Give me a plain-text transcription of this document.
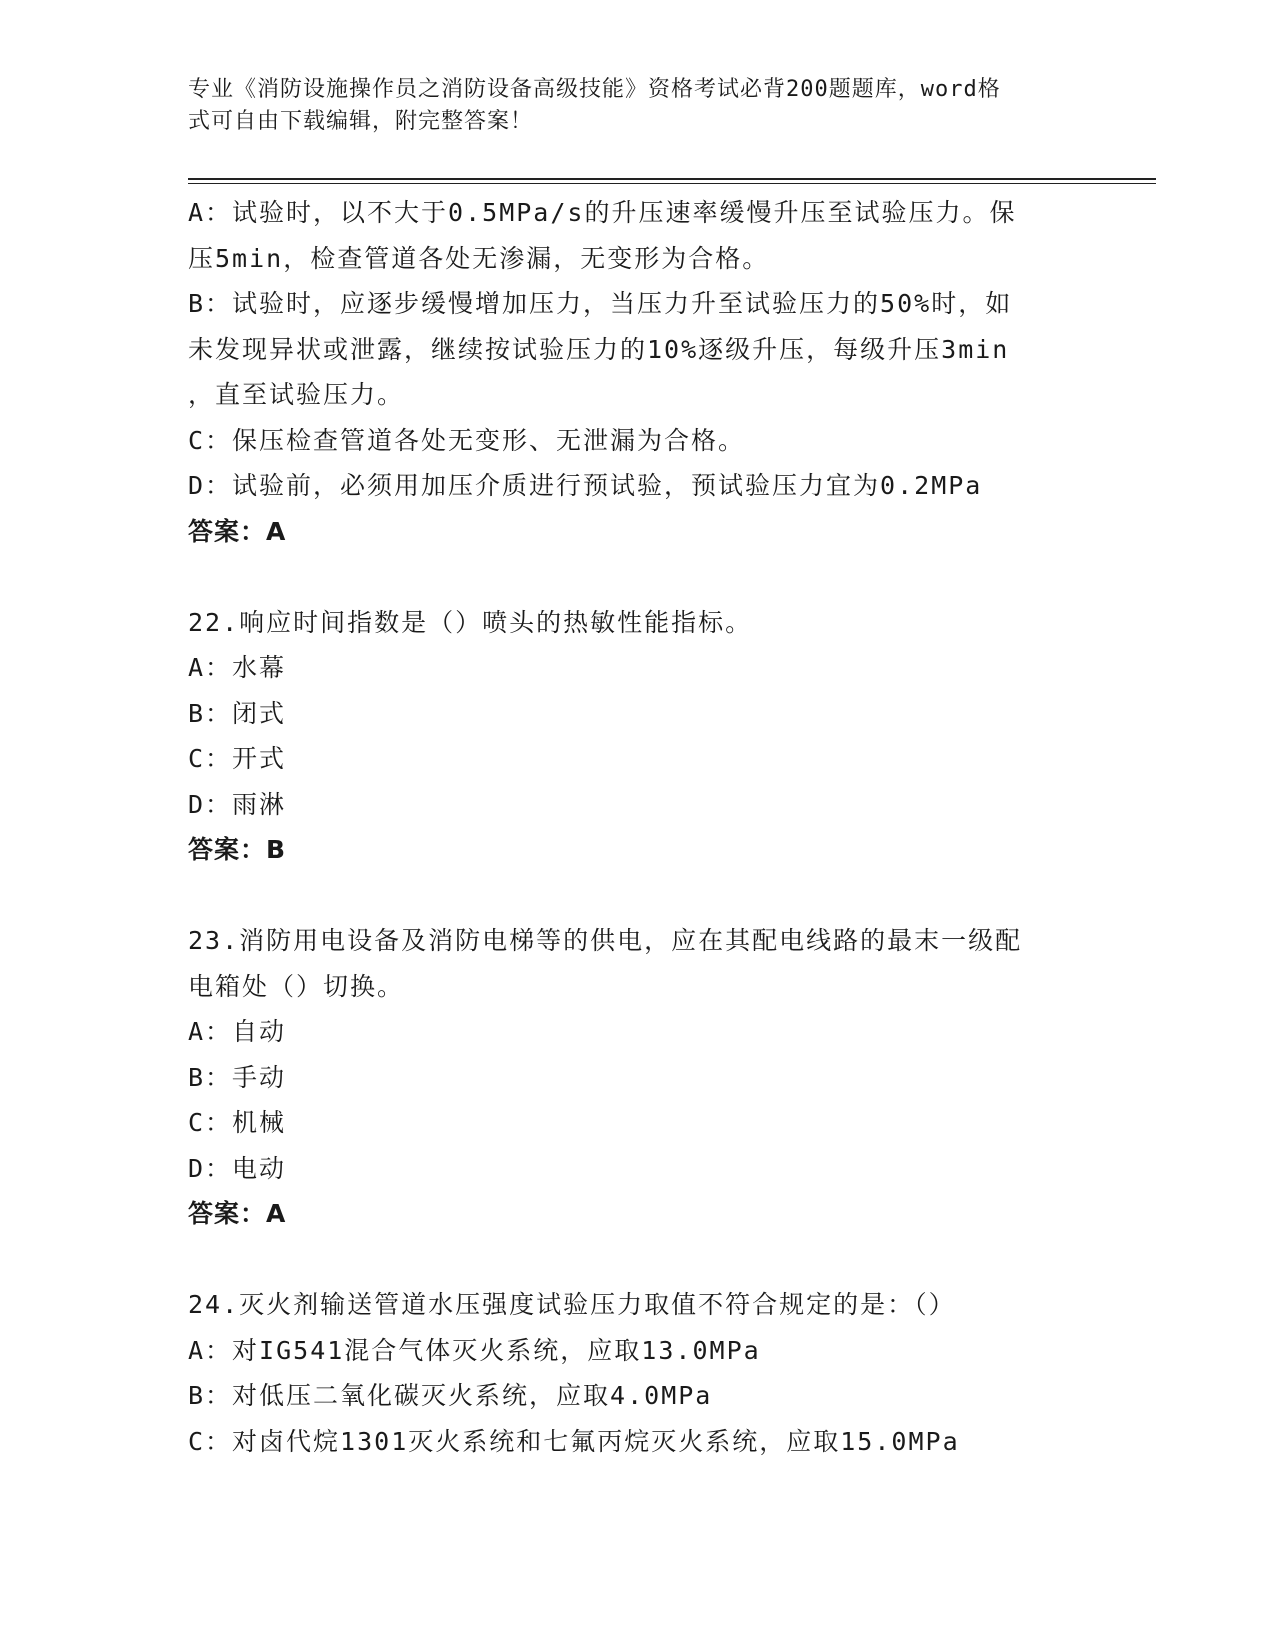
专业《消防设施操作员之消防设备高级技能》资格考试必背200题题库，word格
式可自由下载编辑，附完整答案！
A：试验时，以不大于0.5MPa/s的升压速率缓慢升压至试验压力。保
压5min，检查管道各处无渗漏，无变形为合格。
B：试验时，应逐步缓慢增加压力，当压力升至试验压力的50%时，如
未发现异状或泄露，继续按试验压力的10%逐级升压，每级升压3min
，直至试验压力。
C：保压检查管道各处无变形、无泄漏为合格。
D：试验前，必须用加压介质进行预试验，预试验压力宜为0.2MPa
答案：A
22.响应时间指数是（）喷头的热敏性能指标。
A：水幕
B：闭式
C：开式
D：雨淋
答案：B
23.消防用电设备及消防电梯等的供电，应在其配电线路的最末一级配
电箱处（）切换。
A：自动
B：手动
C：机械
D：电动
答案：A
24.灭火剂输送管道水压强度试验压力取值不符合规定的是：（）
A：对IG541混合气体灭火系统，应取13.0MPa
B：对低压二氧化碳灭火系统，应取4.0MPa
C：对卤代烷1301灭火系统和七氟丙烷灭火系统，应取15.0MPa
